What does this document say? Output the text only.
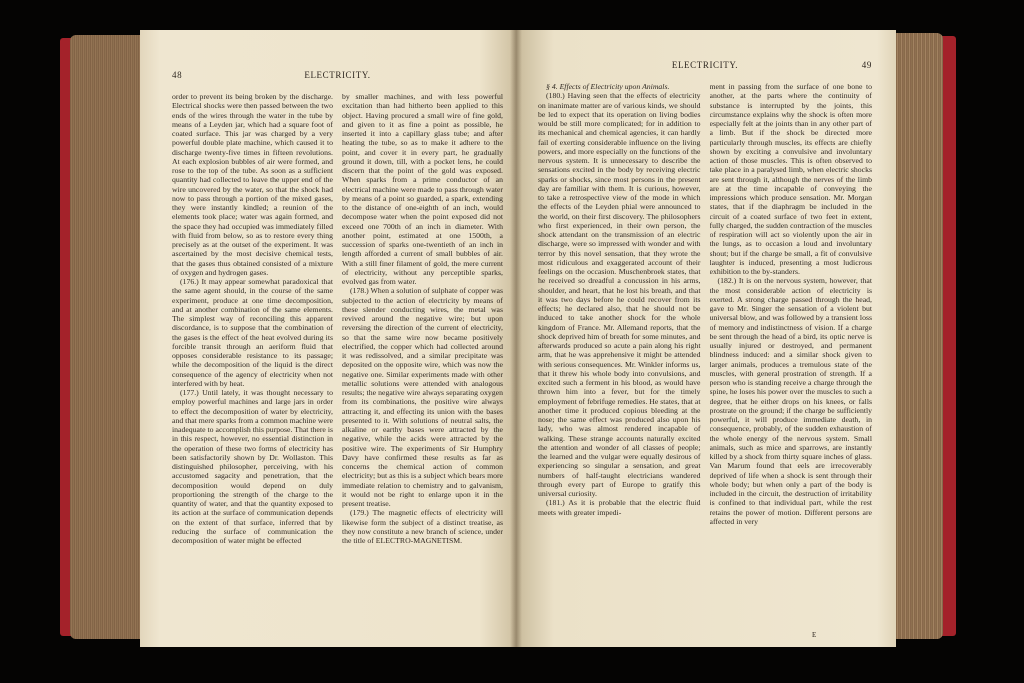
48	ELECTRICITY.

order to prevent its being broken by the discharge. Electrical shocks were then passed between the two ends of the wires through the water in the tube by means of a Leyden jar, which had a square foot of coated surface. This jar was charged by a very powerful double plate machine, which caused it to discharge twenty-five times in fifteen revolutions. At each explosion bubbles of air were formed, and rose to the top of the tube. As soon as a sufficient quantity had collected to leave the upper end of the wire uncovered by the water, so that the shock had now to pass through a portion of the mixed gases, they were instantly kindled; a reunion of the elements took place; water was again formed, and the space they had occupied was immediately filled with fluid from below, so as to restore every thing precisely as at the outset of the experiment. It was ascertained by the most decisive chemical tests, that the gases thus obtained consisted of a mixture of oxygen and hydrogen gases.

(176.) It may appear somewhat paradoxical that the same agent should, in the course of the same experiment, produce at one time decomposition, and at another combination of the same elements. The simplest way of reconciling this apparent discordance, is to suppose that the combination of the gases is the effect of the heat evolved during its forcible transit through an aeriform fluid that opposes considerable resistance to its passage; while the decomposition of the liquid is the direct consequence of the agency of electricity when not interfered with by heat.

(177.) Until lately, it was thought necessary to employ powerful machines and large jars in order to effect the decomposition of water by electricity, and that mere sparks from a common machine were inadequate to accomplish this purpose. That there is in this respect, however, no essential distinction in the operation of these two forms of electricity has been satisfactorily shown by Dr. Wollaston. This distinguished philosopher, perceiving, with his accustomed sagacity and penetration, that the decomposition would depend on duly proportioning the strength of the charge to the quantity of water, and that the quantity exposed to its action at the surface of communication depends on the extent of that surface, inferred that by reducing the surface of communication the decomposition of water might be effected

by smaller machines, and with less powerful excitation than had hitherto been applied to this object. Having procured a small wire of fine gold, and given to it as fine a point as possible, he inserted it into a capillary glass tube; and after heating the tube, so as to make it adhere to the point, and cover it in every part, he gradually ground it down, till, with a pocket lens, he could discern that the point of the gold was exposed. When sparks from a prime conductor of an electrical machine were made to pass through water by means of a point so guarded, a spark, extending to the distance of one-eighth of an inch, would decompose water when the point exposed did not exceed one 700th of an inch in diameter. With another point, estimated at one 1500th, a succession of sparks one-twentieth of an inch in length afforded a current of small bubbles of air. With a still finer filament of gold, the mere current of electricity, without any perceptible sparks, evolved gas from water.

(178.) When a solution of sulphate of copper was subjected to the action of electricity by means of these slender conducting wires, the metal was revived around the negative wire; but upon reversing the direction of the current of electricity, so that the same wire now became positively electrified, the copper which had collected around it was redissolved, and a similar precipitate was deposited on the opposite wire, which was now the negative one. Similar experiments made with other metallic solutions were attended with analogous results; the negative wire always separating oxygen from its combinations, the positive wire always attracting it, and effecting its union with the bases presented to it. With solutions of neutral salts, the alkaline or earthy bases were attracted by the negative, while the acids were attracted by the positive wire. The experiments of Sir Humphry Davy have confirmed these results as far as concerns the chemical action of common electricity; but as this is a subject which bears more immediate relation to chemistry and to galvanism, it would not be right to enlarge upon it in the present treatise.

(179.) The magnetic effects of electricity will likewise form the subject of a distinct treatise, as they now constitute a new branch of science, under the title of ELECTRO-MAGNETISM.

ELECTRICITY.	49

§ 4. Effects of Electricity upon Animals.

(180.) Having seen that the effects of electricity on inanimate matter are of various kinds, we should be led to expect that its operation on living bodies would be still more complicated; for in addition to its mechanical and chemical agencies, it can hardly fail of exerting considerable influence on the living powers, and more especially on the functions of the nervous system. It is unnecessary to describe the sensations excited in the body by receiving electric sparks or shocks, since most persons in the present day are familiar with them. It is curious, however, to take a retrospective view of the mode in which the effects of the Leyden phial were announced to the world, on their first discovery. The philosophers who first experienced, in their own person, the shock attendant on the transmission of an electric discharge, were so impressed with wonder and with terror by this novel sensation, that they wrote the most ridiculous and exaggerated account of their feelings on the occasion. Muschenbroek states, that he received so dreadful a concussion in his arms, shoulder, and heart, that he lost his breath, and that it was two days before he could recover from its effects; he declared also, that he should not be induced to take another shock for the whole kingdom of France. Mr. Allemand reports, that the shock deprived him of breath for some minutes, and afterwards produced so acute a pain along his right arm, that he was apprehensive it might be attended with serious consequences. Mr. Winkler informs us, that it threw his whole body into convulsions, and excited such a ferment in his blood, as would have thrown him into a fever, but for the timely employment of febrifuge remedies. He states, that at another time it produced copious bleeding at the nose; the same effect was produced also upon his lady, who was almost rendered incapable of walking. These strange accounts naturally excited the attention and wonder of all classes of people; the learned and the vulgar were equally desirous of experiencing so singular a sensation, and great numbers of half-taught electricians wandered through every part of Europe to gratify this universal curiosity.

(181.) As it is probable that the electric fluid meets with greater impedi-

ment in passing from the surface of one bone to another, at the parts where the continuity of substance is interrupted by the joints, this circumstance explains why the shock is often more especially felt at the joints than in any other part of a limb. But if the shock be directed more particularly through muscles, its effects are chiefly shown by exciting a convulsive and involuntary action of those muscles. This is often observed to take place in a paralysed limb, when electric shocks are sent through it, although the nerves of the limb are at the time incapable of conveying the impressions which produce sensation. Mr. Morgan states, that if the diaphragm be included in the circuit of a coated surface of two feet in extent, fully charged, the sudden contraction of the muscles of respiration will act so violently upon the air in the lungs, as to occasion a loud and involuntary shout; but if the charge be small, a fit of convulsive laughter is induced, presenting a most ludicrous exhibition to the by-standers.

(182.) It is on the nervous system, however, that the most considerable action of electricity is exerted. A strong charge passed through the head, gave to Mr. Singer the sensation of a violent but universal blow, and was followed by a transient loss of memory and indistinctness of vision. If a charge be sent through the head of a bird, its optic nerve is usually injured or destroyed, and permanent blindness induced: and a similar shock given to larger animals, produces a tremulous state of the muscles, with general prostration of strength. If a person who is standing receive a charge through the spine, he loses his power over the muscles to such a degree, that he either drops on his knees, or falls prostrate on the ground; if the charge be sufficiently powerful, it will produce immediate death, in consequence, probably, of the sudden exhaustion of the whole energy of the nervous system. Small animals, such as mice and sparrows, are instantly killed by a shock from thirty square inches of glass. Van Marum found that eels are irrecoverably deprived of life when a shock is sent through their whole body; but when only a part of the body is included in the circuit, the destruction of irritability is confined to that individual part, while the rest retains the power of motion. Different persons are affected in very

E
